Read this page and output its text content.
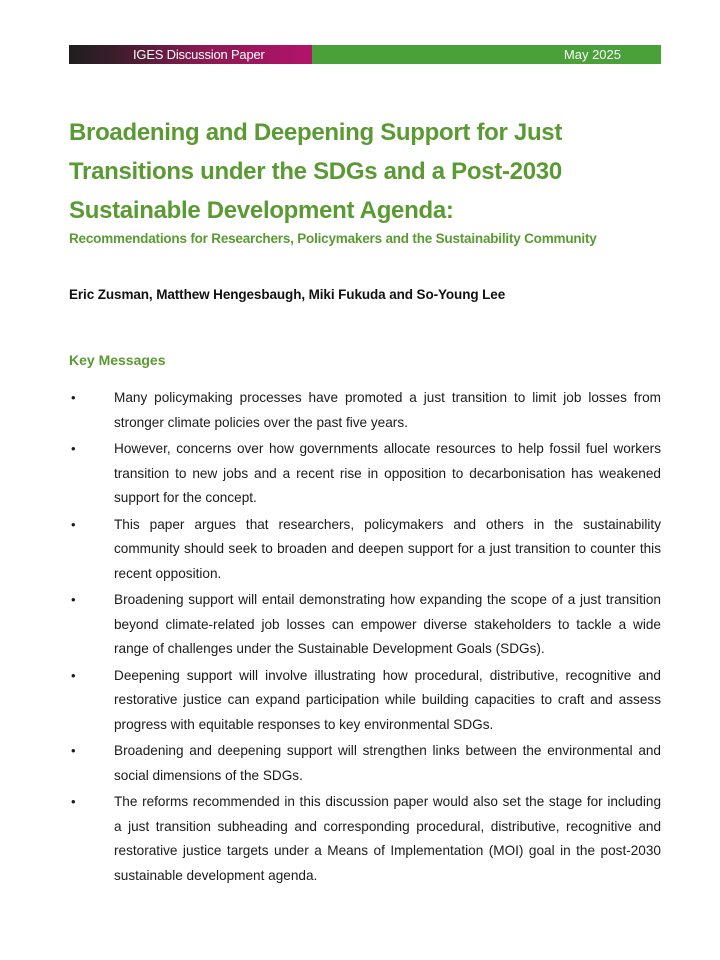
IGES Discussion Paper	May 2025
Broadening and Deepening Support for Just
Transitions under the SDGs and a Post-2030
Sustainable Development Agenda:

Recommendations for Researchers, Policymakers and the Sustainability Community

Eric Zusman, Matthew Hengesbaugh, Miki Fukuda and So-Young Lee

Key Messages
•	Many policymaking processes have promoted a just transition to limit job losses from stronger climate policies over the past five years.
•	However, concerns over how governments allocate resources to help fossil fuel workers transition to new jobs and a recent rise in opposition to decarbonisation has weakened support for the concept.
•	This paper argues that researchers, policymakers and others in the sustainability community should seek to broaden and deepen support for a just transition to counter this recent opposition.
•	Broadening support will entail demonstrating how expanding the scope of a just transition beyond climate-related job losses can empower diverse stakeholders to tackle a wide range of challenges under the Sustainable Development Goals (SDGs).
•	Deepening support will involve illustrating how procedural, distributive, recognitive and restorative justice can expand participation while building capacities to craft and assess progress with equitable responses to key environmental SDGs.
•	Broadening and deepening support will strengthen links between the environmental and social dimensions of the SDGs.
•	The reforms recommended in this discussion paper would also set the stage for including a just transition subheading and corresponding procedural, distributive, recognitive and restorative justice targets under a Means of Implementation (MOI) goal in the post-2030 sustainable development agenda.
